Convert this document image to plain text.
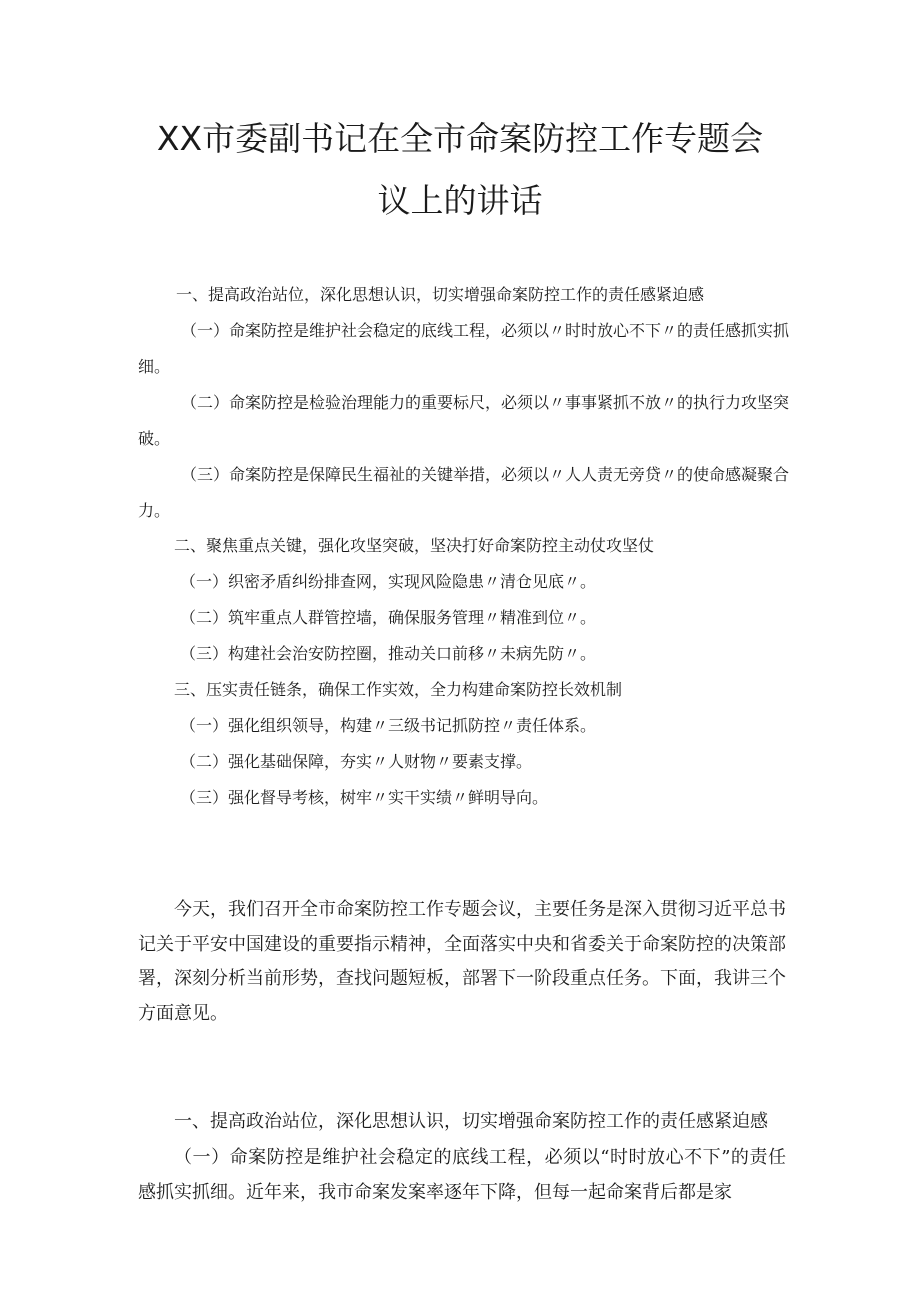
XX市委副书记在全市命案防控工作专题会
议上的讲话
一、提高政治站位，深化思想认识，切实增强命案防控工作的责任感紧迫感
（一）命案防控是维护社会稳定的底线工程，必须以〃时时放心不下〃的责任感抓实抓细。
（二）命案防控是检验治理能力的重要标尺，必须以〃事事紧抓不放〃的执行力攻坚突破。
（三）命案防控是保障民生福祉的关键举措，必须以〃人人责无旁贷〃的使命感凝聚合力。
二、聚焦重点关键，强化攻坚突破，坚决打好命案防控主动仗攻坚仗
（一）织密矛盾纠纷排查网，实现风险隐患〃清仓见底〃。
（二）筑牢重点人群管控墙，确保服务管理〃精准到位〃。
（三）构建社会治安防控圈，推动关口前移〃未病先防〃。
三、压实责任链条，确保工作实效，全力构建命案防控长效机制
（一）强化组织领导，构建〃三级书记抓防控〃责任体系。
（二）强化基础保障，夯实〃人财物〃要素支撑。
（三）强化督导考核，树牢〃实干实绩〃鲜明导向。

今天，我们召开全市命案防控工作专题会议，主要任务是深入贯彻习近平总书记关于平安中国建设的重要指示精神，全面落实中央和省委关于命案防控的决策部署，深刻分析当前形势，查找问题短板，部署下一阶段重点任务。下面，我讲三个方面意见。

一、提高政治站位，深化思想认识，切实增强命案防控工作的责任感紧迫感

（一）命案防控是维护社会稳定的底线工程，必须以“时时放心不下”的责任感抓实抓细。近年来，我市命案发案率逐年下降，但每一起命案背后都是家
